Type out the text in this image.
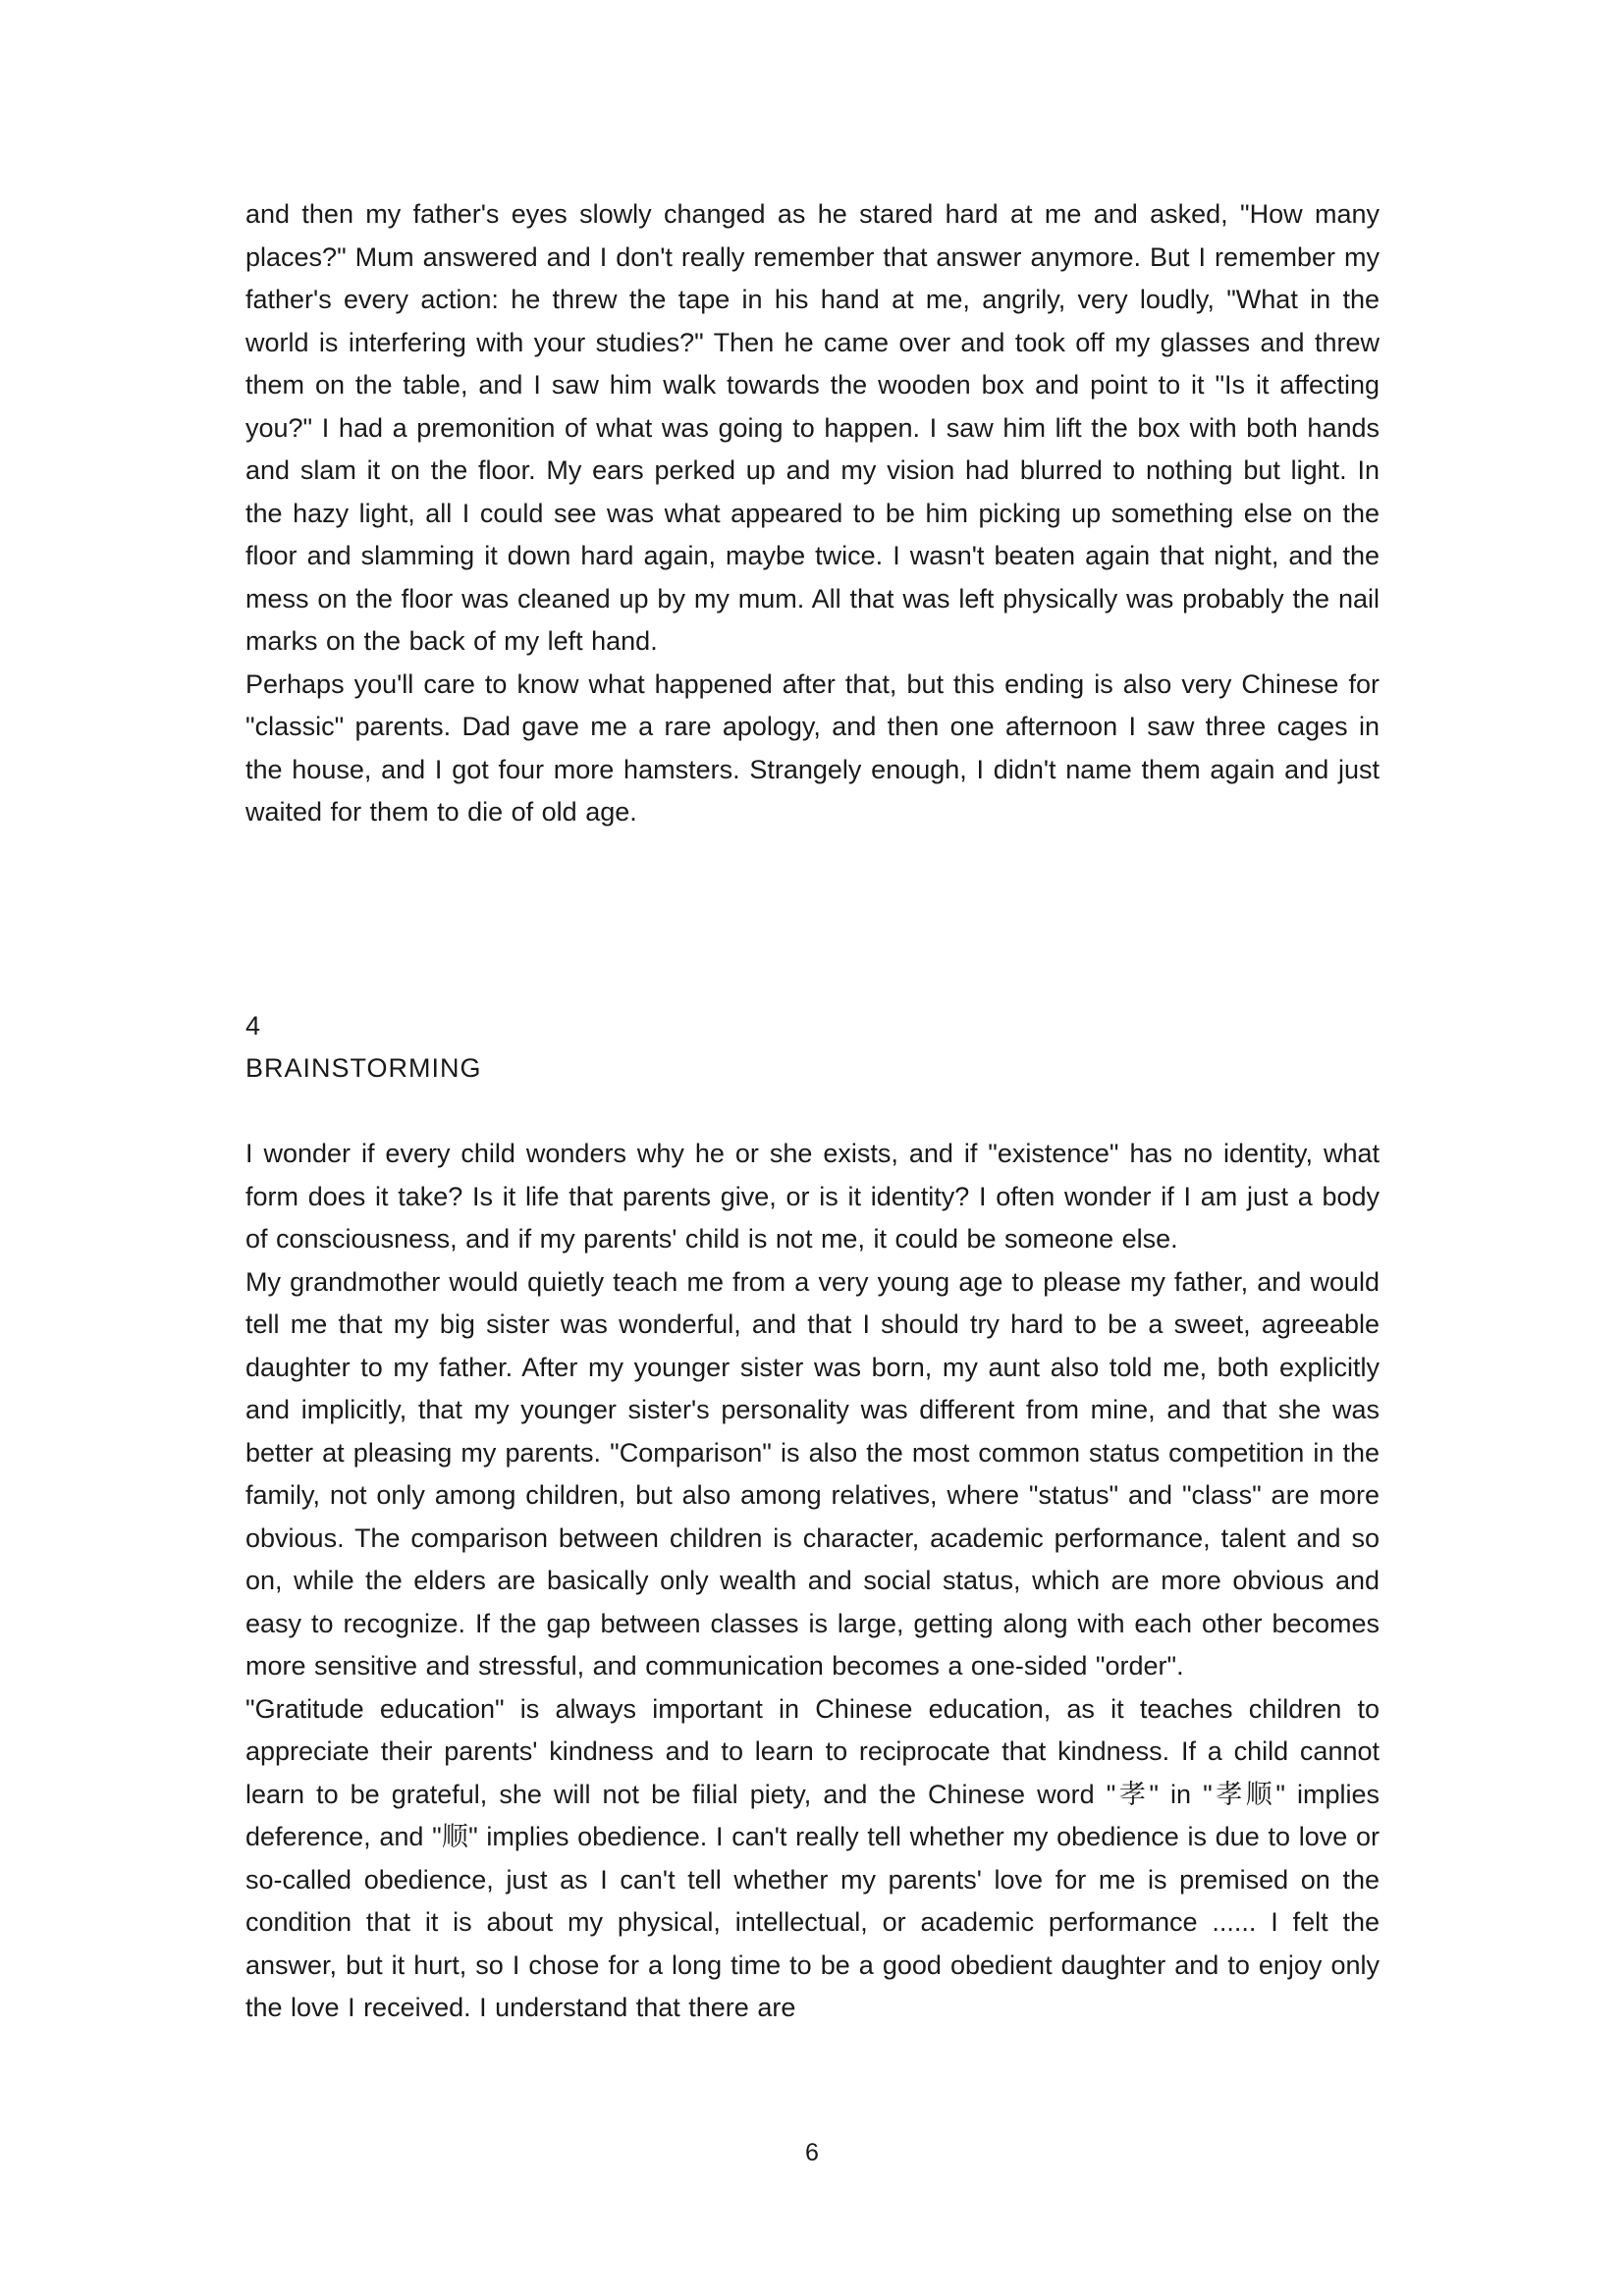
and then my father's eyes slowly changed as he stared hard at me and asked, "How many places?" Mum answered and I don't really remember that answer anymore. But I remember my father's every action: he threw the tape in his hand at me, angrily, very loudly, "What in the world is interfering with your studies?" Then he came over and took off my glasses and threw them on the table, and I saw him walk towards the wooden box and point to it "Is it affecting you?" I had a premonition of what was going to happen. I saw him lift the box with both hands and slam it on the floor. My ears perked up and my vision had blurred to nothing but light. In the hazy light, all I could see was what appeared to be him picking up something else on the floor and slamming it down hard again, maybe twice. I wasn't beaten again that night, and the mess on the floor was cleaned up by my mum. All that was left physically was probably the nail marks on the back of my left hand.

Perhaps you'll care to know what happened after that, but this ending is also very Chinese for "classic" parents. Dad gave me a rare apology, and then one afternoon I saw three cages in the house, and I got four more hamsters. Strangely enough, I didn't name them again and just waited for them to die of old age.

4

BRAINSTORMING

I wonder if every child wonders why he or she exists, and if "existence" has no identity, what form does it take? Is it life that parents give, or is it identity? I often wonder if I am just a body of consciousness, and if my parents' child is not me, it could be someone else.

My grandmother would quietly teach me from a very young age to please my father, and would tell me that my big sister was wonderful, and that I should try hard to be a sweet, agreeable daughter to my father. After my younger sister was born, my aunt also told me, both explicitly and implicitly, that my younger sister's personality was different from mine, and that she was better at pleasing my parents. "Comparison" is also the most common status competition in the family, not only among children, but also among relatives, where "status" and "class" are more obvious. The comparison between children is character, academic performance, talent and so on, while the elders are basically only wealth and social status, which are more obvious and easy to recognize. If the gap between classes is large, getting along with each other becomes more sensitive and stressful, and communication becomes a one-sided "order".

"Gratitude education" is always important in Chinese education, as it teaches children to appreciate their parents' kindness and to learn to reciprocate that kindness. If a child cannot learn to be grateful, she will not be filial piety, and the Chinese word "孝" in "孝顺" implies deference, and "顺" implies obedience. I can't really tell whether my obedience is due to love or so-called obedience, just as I can't tell whether my parents' love for me is premised on the condition that it is about my physical, intellectual, or academic performance ...... I felt the answer, but it hurt, so I chose for a long time to be a good obedient daughter and to enjoy only the love I received. I understand that there are

6
